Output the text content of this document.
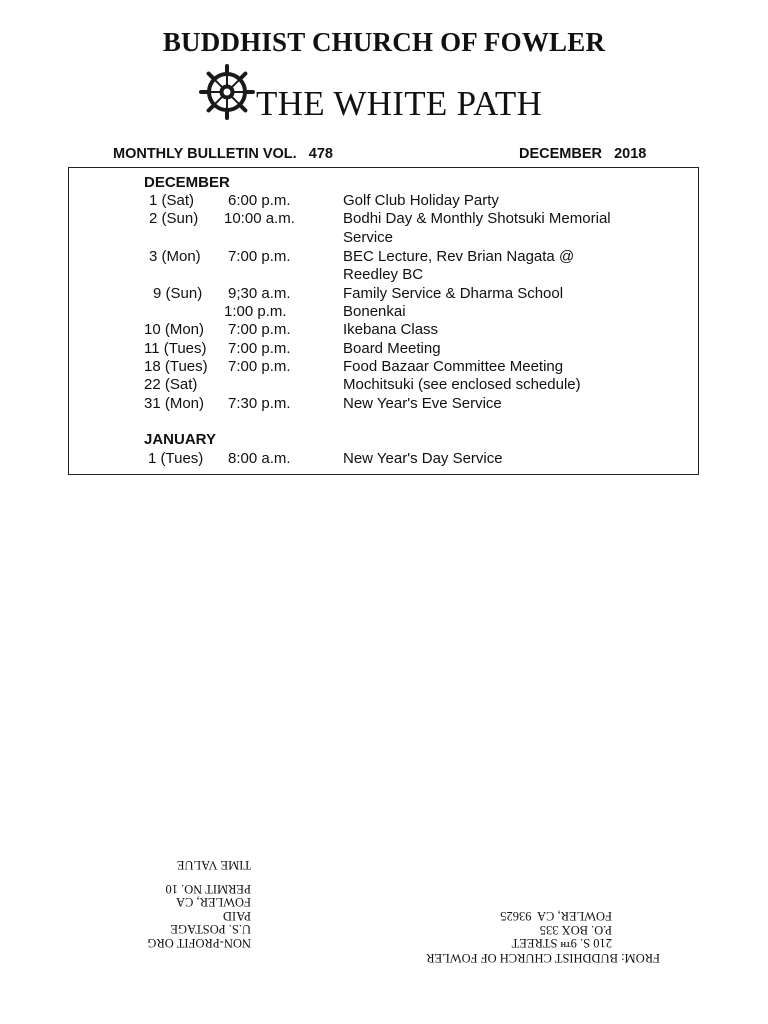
BUDDHIST CHURCH OF FOWLER
THE WHITE PATH
MONTHLY BULLETIN VOL.   478	DECEMBER   2018
DECEMBER
1 (Sat) 6:00 p.m.	Golf Club Holiday Party
2 (Sun) 10:00 a.m.	Bodhi Day & Monthly Shotsuki Memorial
Service
3 (Mon) 7:00 p.m.	BEC Lecture, Rev Brian Nagata @
Reedley BC
9 (Sun) 9;30 a.m.	Family Service & Dharma School
1:00 p.m.	Bonenkai
10 (Mon) 7:00 p.m.	Ikebana Class
11 (Tues) 7:00 p.m.	Board Meeting
18 (Tues) 7:00 p.m.	Food Bazaar Committee Meeting
22 (Sat)	Mochitsuki (see enclosed schedule)
31 (Mon) 7:30 p.m.	New Year's Eve Service
JANUARY
1 (Tues) 8:00 a.m.	New Year's Day Service
NON-PROFIT ORG
U.S. POSTAGE
PAID
FOWLER, CA
PERMIT NO. 10
TIME VALUE
FROM: BUDDHIST CHURCH OF FOWLER
210 S. 9TH STREET
P.O. BOX 335
FOWLER, CA  93625
